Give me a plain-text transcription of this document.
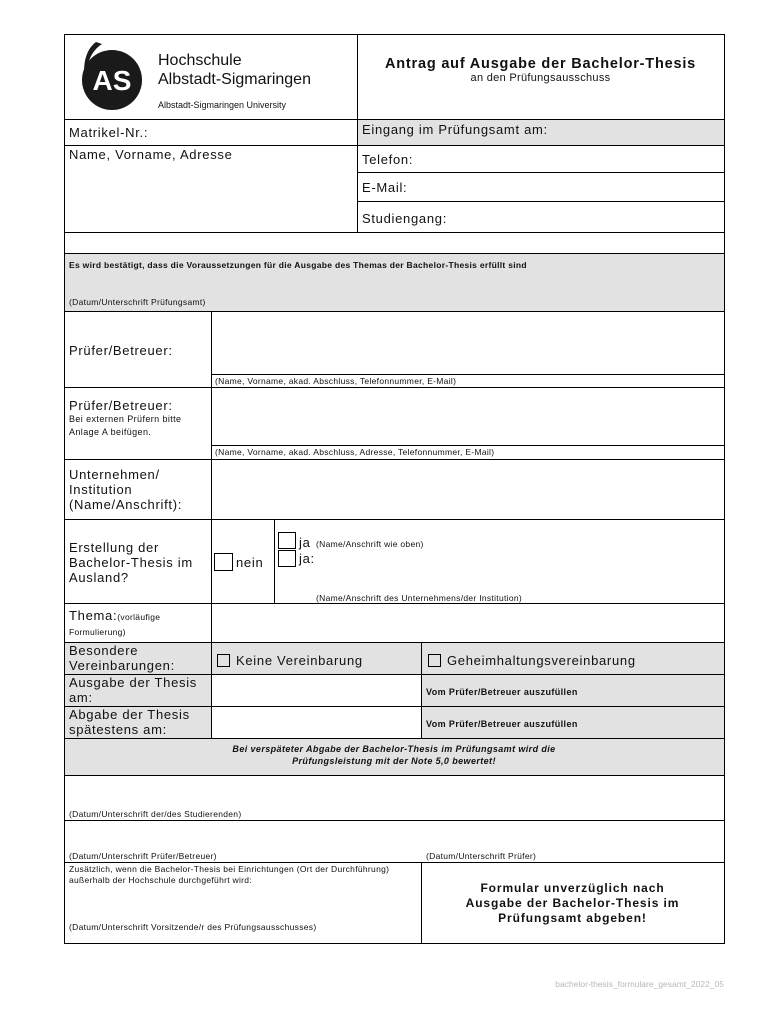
AS
Hochschule
Albstadt-Sigmaringen
Albstadt-Sigmaringen University
Antrag auf Ausgabe der Bachelor-Thesis
an den Prüfungsausschuss
Matrikel-Nr.:	Eingang im Prüfungsamt am:
Name, Vorname, Adresse	Telefon:
E-Mail:
Studiengang:
Es wird bestätigt, dass die Voraussetzungen für die Ausgabe des Themas der Bachelor-Thesis erfüllt sind
(Datum/Unterschrift Prüfungsamt)
Prüfer/Betreuer:
(Name, Vorname, akad. Abschluss, Telefonnummer, E-Mail)
Prüfer/Betreuer:
Bei externen Prüfern bitte Anlage A beifügen.
(Name, Vorname, akad. Abschluss, Adresse, Telefonnummer, E-Mail)
Unternehmen/ Institution (Name/Anschrift):
Erstellung der Bachelor-Thesis im Ausland?
nein
ja (Name/Anschrift wie oben)
ja:
(Name/Anschrift des Unternehmens/der Institution)
Thema:(vorläufige Formulierung)
Besondere Vereinbarungen:	Keine Vereinbarung	Geheimhaltungsvereinbarung
Ausgabe der Thesis am:	Vom Prüfer/Betreuer auszufüllen
Abgabe der Thesis spätestens am:	Vom Prüfer/Betreuer auszufüllen
Bei verspäteter Abgabe der Bachelor-Thesis im Prüfungsamt wird die
Prüfungsleistung mit der Note 5,0 bewertet!
(Datum/Unterschrift der/des Studierenden)
(Datum/Unterschrift Prüfer/Betreuer)	(Datum/Unterschrift Prüfer)
Zusätzlich, wenn die Bachelor-Thesis bei Einrichtungen (Ort der Durchführung) außerhalb der Hochschule durchgeführt wird:
(Datum/Unterschrift Vorsitzende/r des Prüfungsausschusses)
Formular unverzüglich nach
Ausgabe der Bachelor-Thesis im
Prüfungsamt abgeben!
bachelor-thesis_formulare_gesamt_2022_05
